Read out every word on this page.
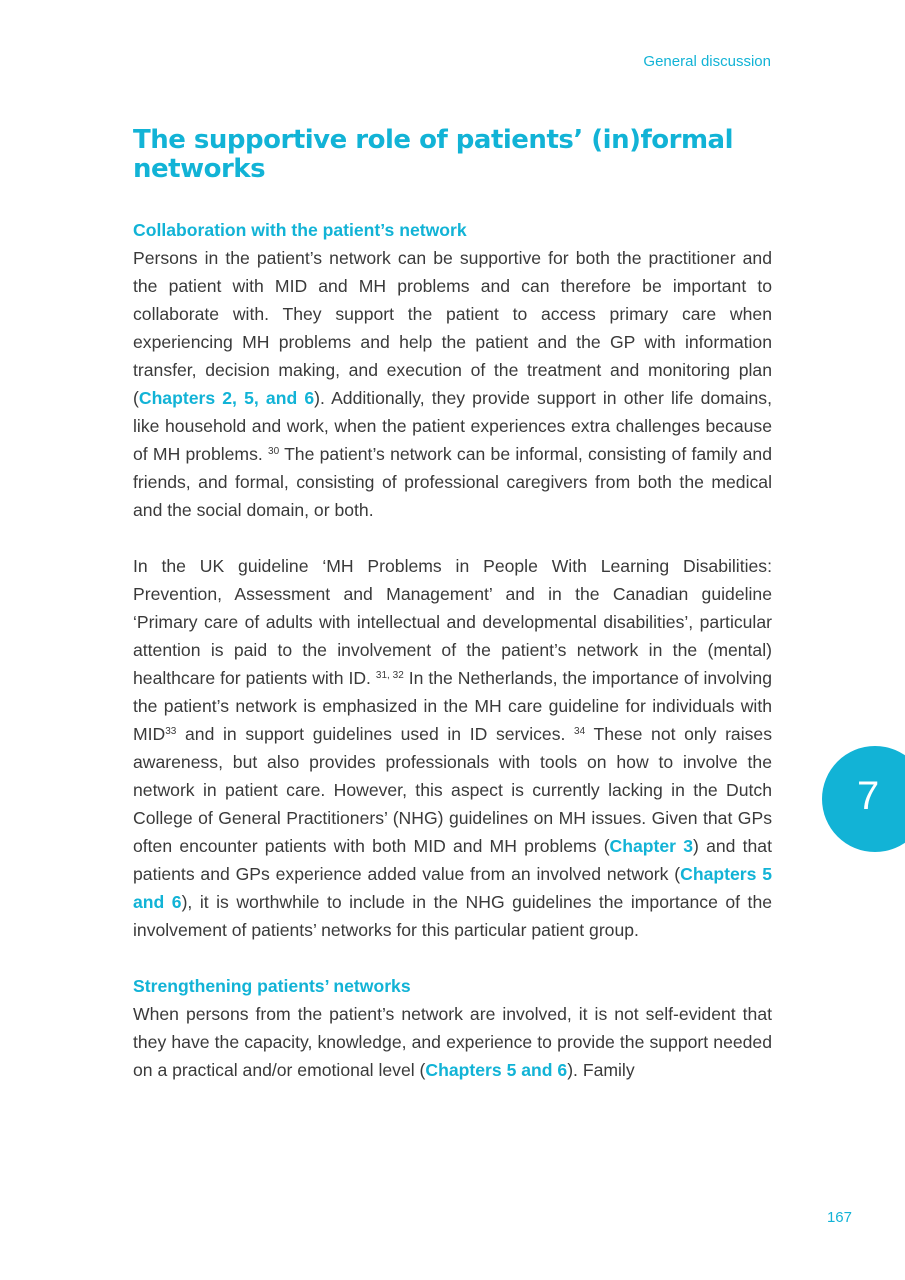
General discussion
The supportive role of patients’ (in)formal networks
Collaboration with the patient’s network

Persons in the patient’s network can be supportive for both the practitioner and the patient with MID and MH problems and can therefore be important to collaborate with. They support the patient to access primary care when experiencing MH problems and help the patient and the GP with information transfer, decision making, and execution of the treatment and monitoring plan (Chapters 2, 5, and 6). Additionally, they provide support in other life domains, like household and work, when the patient experiences extra challenges because of MH problems. $^{30}$ The patient’s network can be informal, consisting of family and friends, and formal, consisting of professional caregivers from both the medical and the social domain, or both.

In the UK guideline ‘MH Problems in People With Learning Disabilities: Prevention, Assessment and Management’ and in the Canadian guideline ‘Primary care of adults with intellectual and developmental disabilities’, particular attention is paid to the involvement of the patient’s network in the (mental) healthcare for patients with ID. $^{31, 32}$ In the Netherlands, the importance of involving the patient’s network is emphasized in the MH care guideline for individuals with MID$^{33}$ and in support guidelines used in ID services. $^{34}$ These not only raises awareness, but also provides professionals with tools on how to involve the network in patient care. However, this aspect is currently lacking in the Dutch College of General Practitioners’ (NHG) guidelines on MH issues. Given that GPs often encounter patients with both MID and MH problems (Chapter 3) and that patients and GPs experience added value from an involved network (Chapters 5 and 6), it is worthwhile to include in the NHG guidelines the importance of the involvement of patients’ networks for this particular patient group.

Strengthening patients’ networks

When persons from the patient’s network are involved, it is not self-evident that they have the capacity, knowledge, and experience to provide the support needed on a practical and/or emotional level (Chapters 5 and 6). Family

7
167
